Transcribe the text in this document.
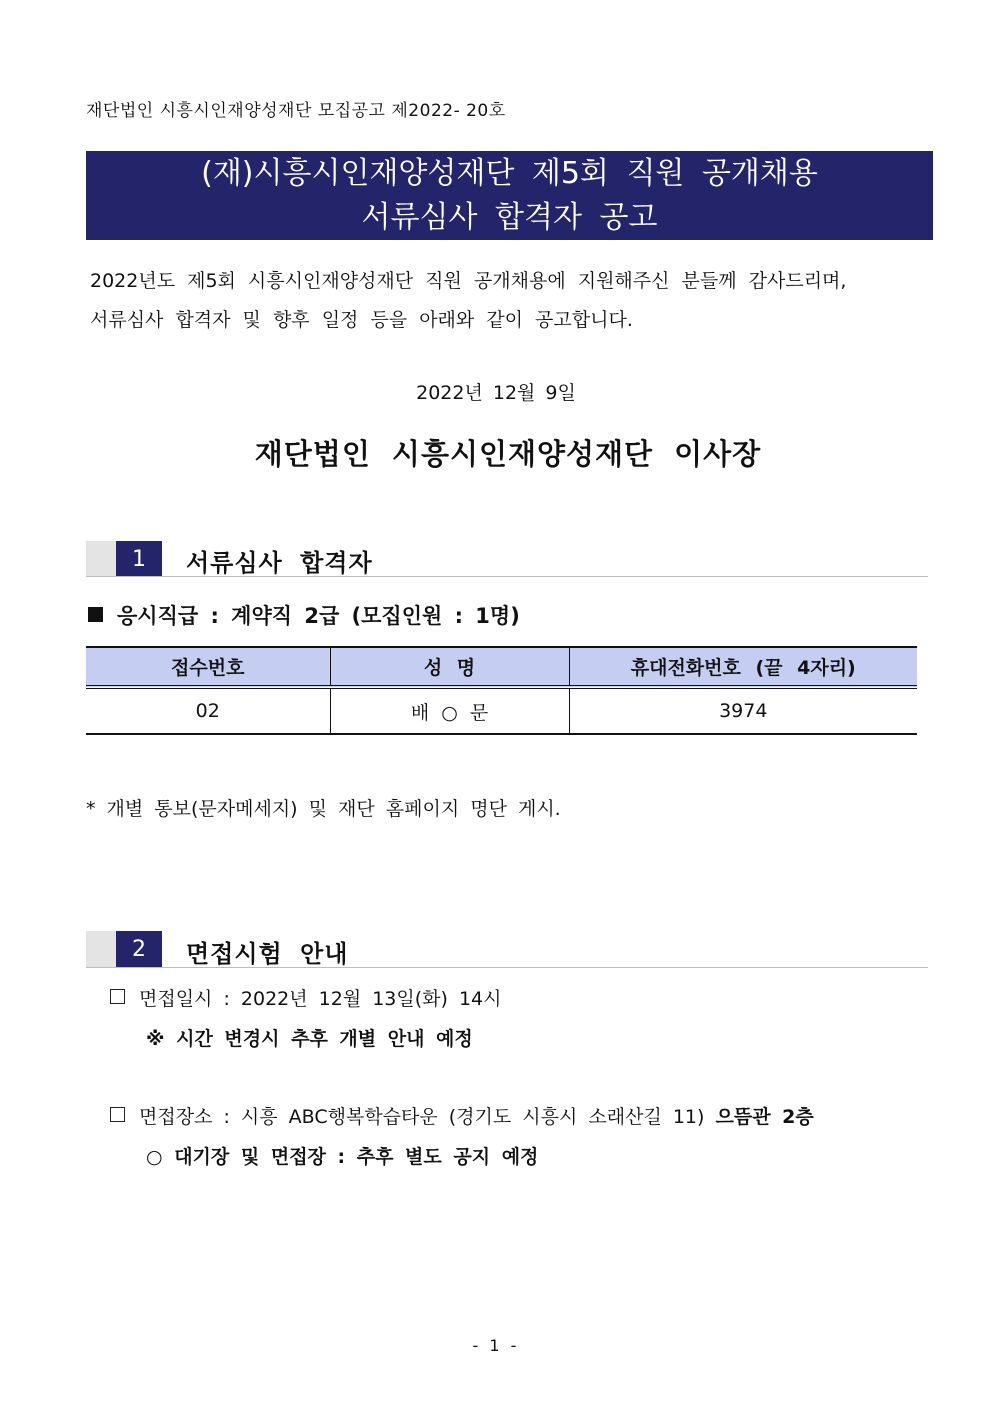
재단법인 시흥시인재양성재단 모집공고 제2022- 20호
(재)시흥시인재양성재단 제5회 직원 공개채용
서류심사 합격자 공고
2022년도 제5회 시흥시인재양성재단 직원 공개채용에 지원해주신 분들께 감사드리며,
서류심사 합격자 및 향후 일정 등을 아래와 같이 공고합니다.
2022년 12월 9일
재단법인 시흥시인재양성재단 이사장
1	서류심사 합격자
응시직급 : 계약직 2급 (모집인원 : 1명)
접수번호	성 명	휴대전화번호 (끝 4자리)
02	배 ○ 문	3974
* 개별 통보(문자메세지) 및 재단 홈페이지 명단 게시.
2	면접시험 안내
면접일시 : 2022년 12월 13일(화) 14시
※ 시간 변경시 추후 개별 안내 예정
면접장소 : 시흥 ABC행복학습타운 (경기도 시흥시 소래산길 11) 으뜸관 2층
○ 대기장 및 면접장 : 추후 별도 공지 예정
- 1 -
